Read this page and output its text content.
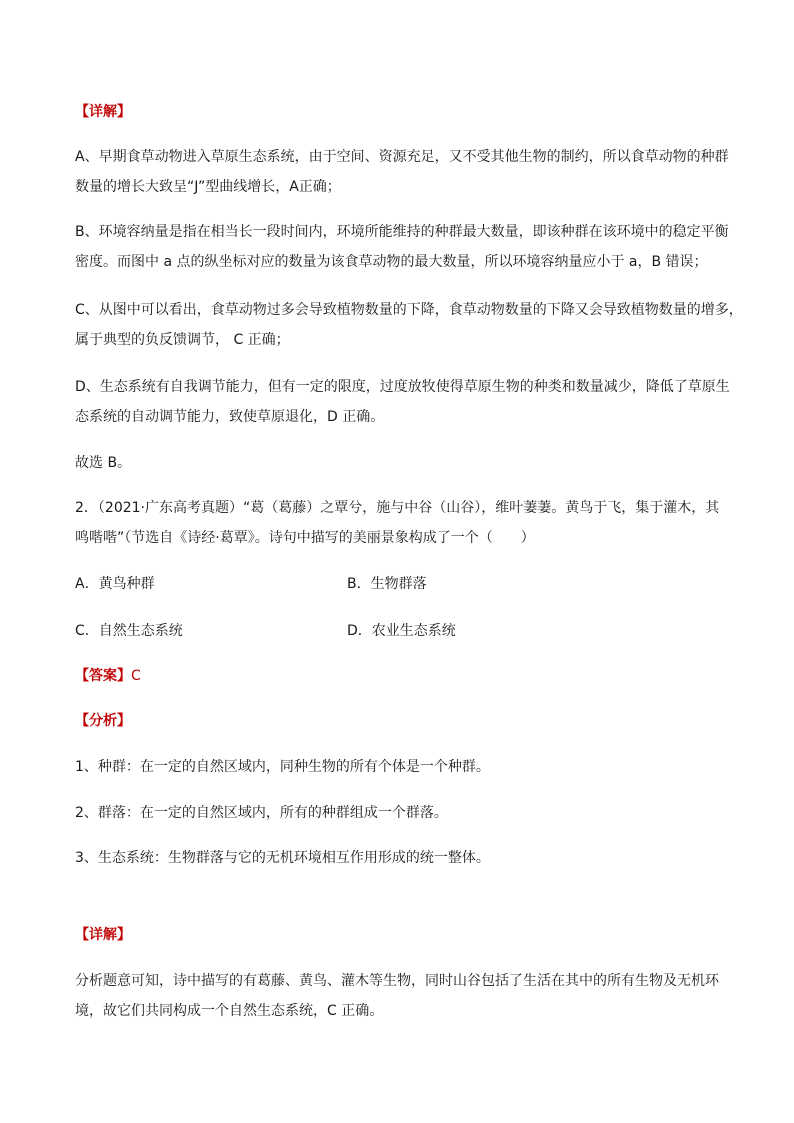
【详解】
A、早期食草动物进入草原生态系统，由于空间、资源充足，又不受其他生物的制约，所以食草动物的种群
数量的增长大致呈“J”型曲线增长，A正确；
B、环境容纳量是指在相当长一段时间内，环境所能维持的种群最大数量，即该种群在该环境中的稳定平衡
密度。而图中 a 点的纵坐标对应的数量为该食草动物的最大数量，所以环境容纳量应小于 a，B 错误；
C、从图中可以看出，食草动物过多会导致植物数量的下降，食草动物数量的下降又会导致植物数量的增多，
属于典型的负反馈调节， C 正确；
D、生态系统有自我调节能力，但有一定的限度，过度放牧使得草原生物的种类和数量减少，降低了草原生
态系统的自动调节能力，致使草原退化，D 正确。
故选 B。
2．（2021·广东高考真题）“葛（葛藤）之覃兮，施与中谷（山谷），维叶萋萋。黄鸟于飞，集于灌木，其
鸣喈喈”（节选自《诗经·葛覃》。诗句中描写的美丽景象构成了一个（　　）
A．黄鸟种群	B．生物群落
C．自然生态系统	D．农业生态系统
【答案】C
【分析】
1、种群：在一定的自然区域内，同种生物的所有个体是一个种群。
2、群落：在一定的自然区域内，所有的种群组成一个群落。
3、生态系统：生物群落与它的无机环境相互作用形成的统一整体。
【详解】
分析题意可知，诗中描写的有葛藤、黄鸟、灌木等生物，同时山谷包括了生活在其中的所有生物及无机环
境，故它们共同构成一个自然生态系统，C 正确。
